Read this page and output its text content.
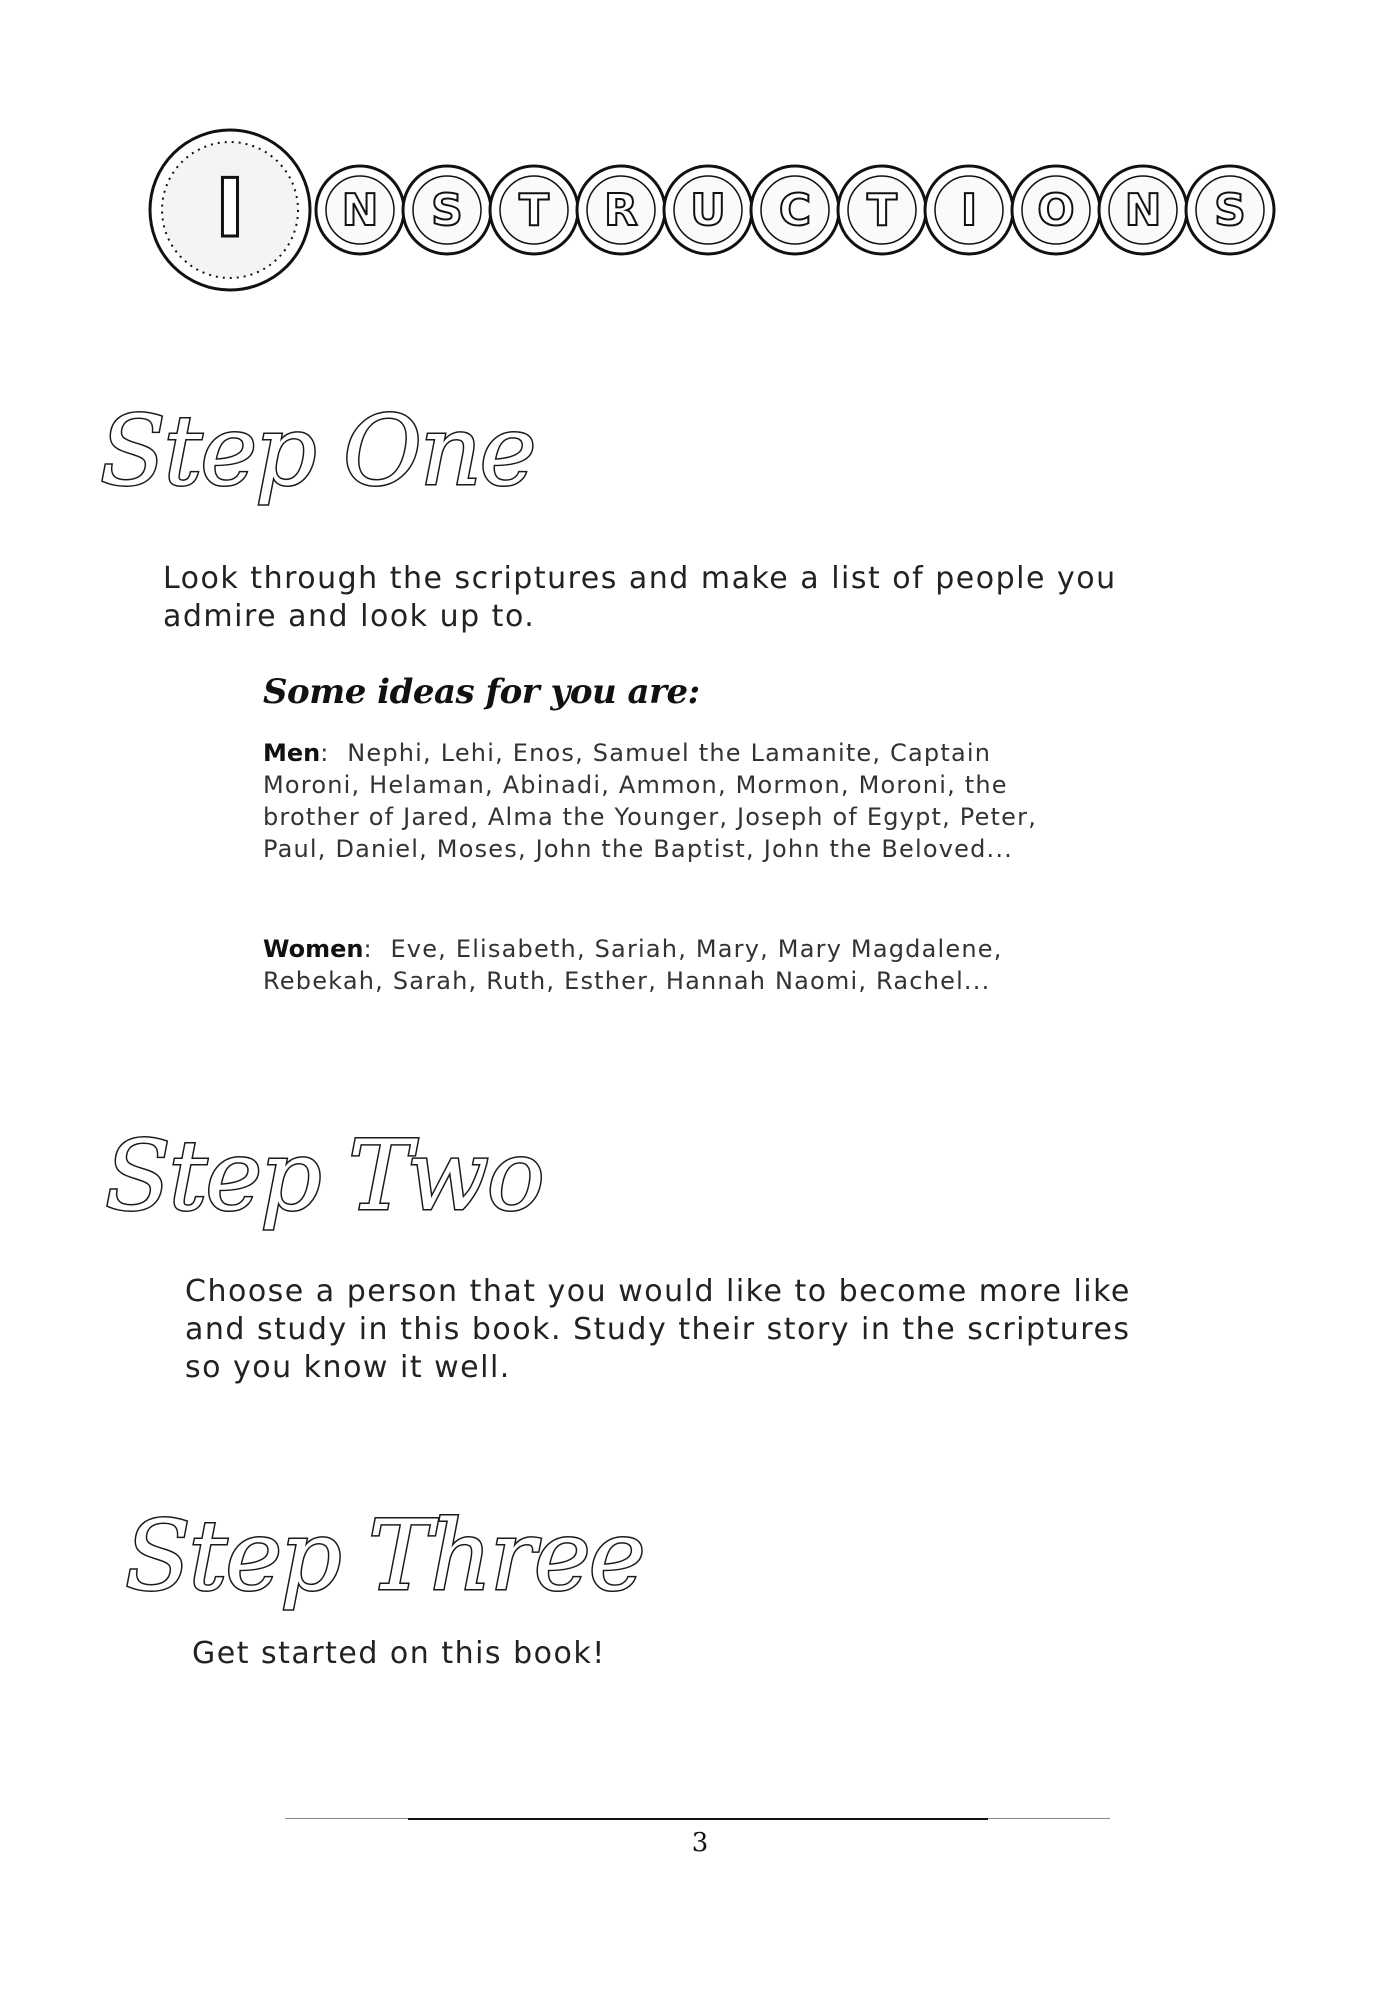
I N S T R U C T I O N S
Step One

Look through the scriptures and make a list of people you admire and look up to.

Some ideas for you are:

Men:  Nephi, Lehi, Enos, Samuel the Lamanite, Captain Moroni, Helaman, Abinadi, Ammon, Mormon, Moroni, the brother of Jared, Alma the Younger, Joseph of Egypt, Peter, Paul, Daniel, Moses, John the Baptist, John the Beloved...

Women:  Eve, Elisabeth, Sariah, Mary, Mary Magdalene, Rebekah, Sarah, Ruth, Esther, Hannah Naomi, Rachel...

Step Two

Choose a person that you would like to become more like and study in this book. Study their story in the scriptures so you know it well.

Step Three

Get started on this book!

3
